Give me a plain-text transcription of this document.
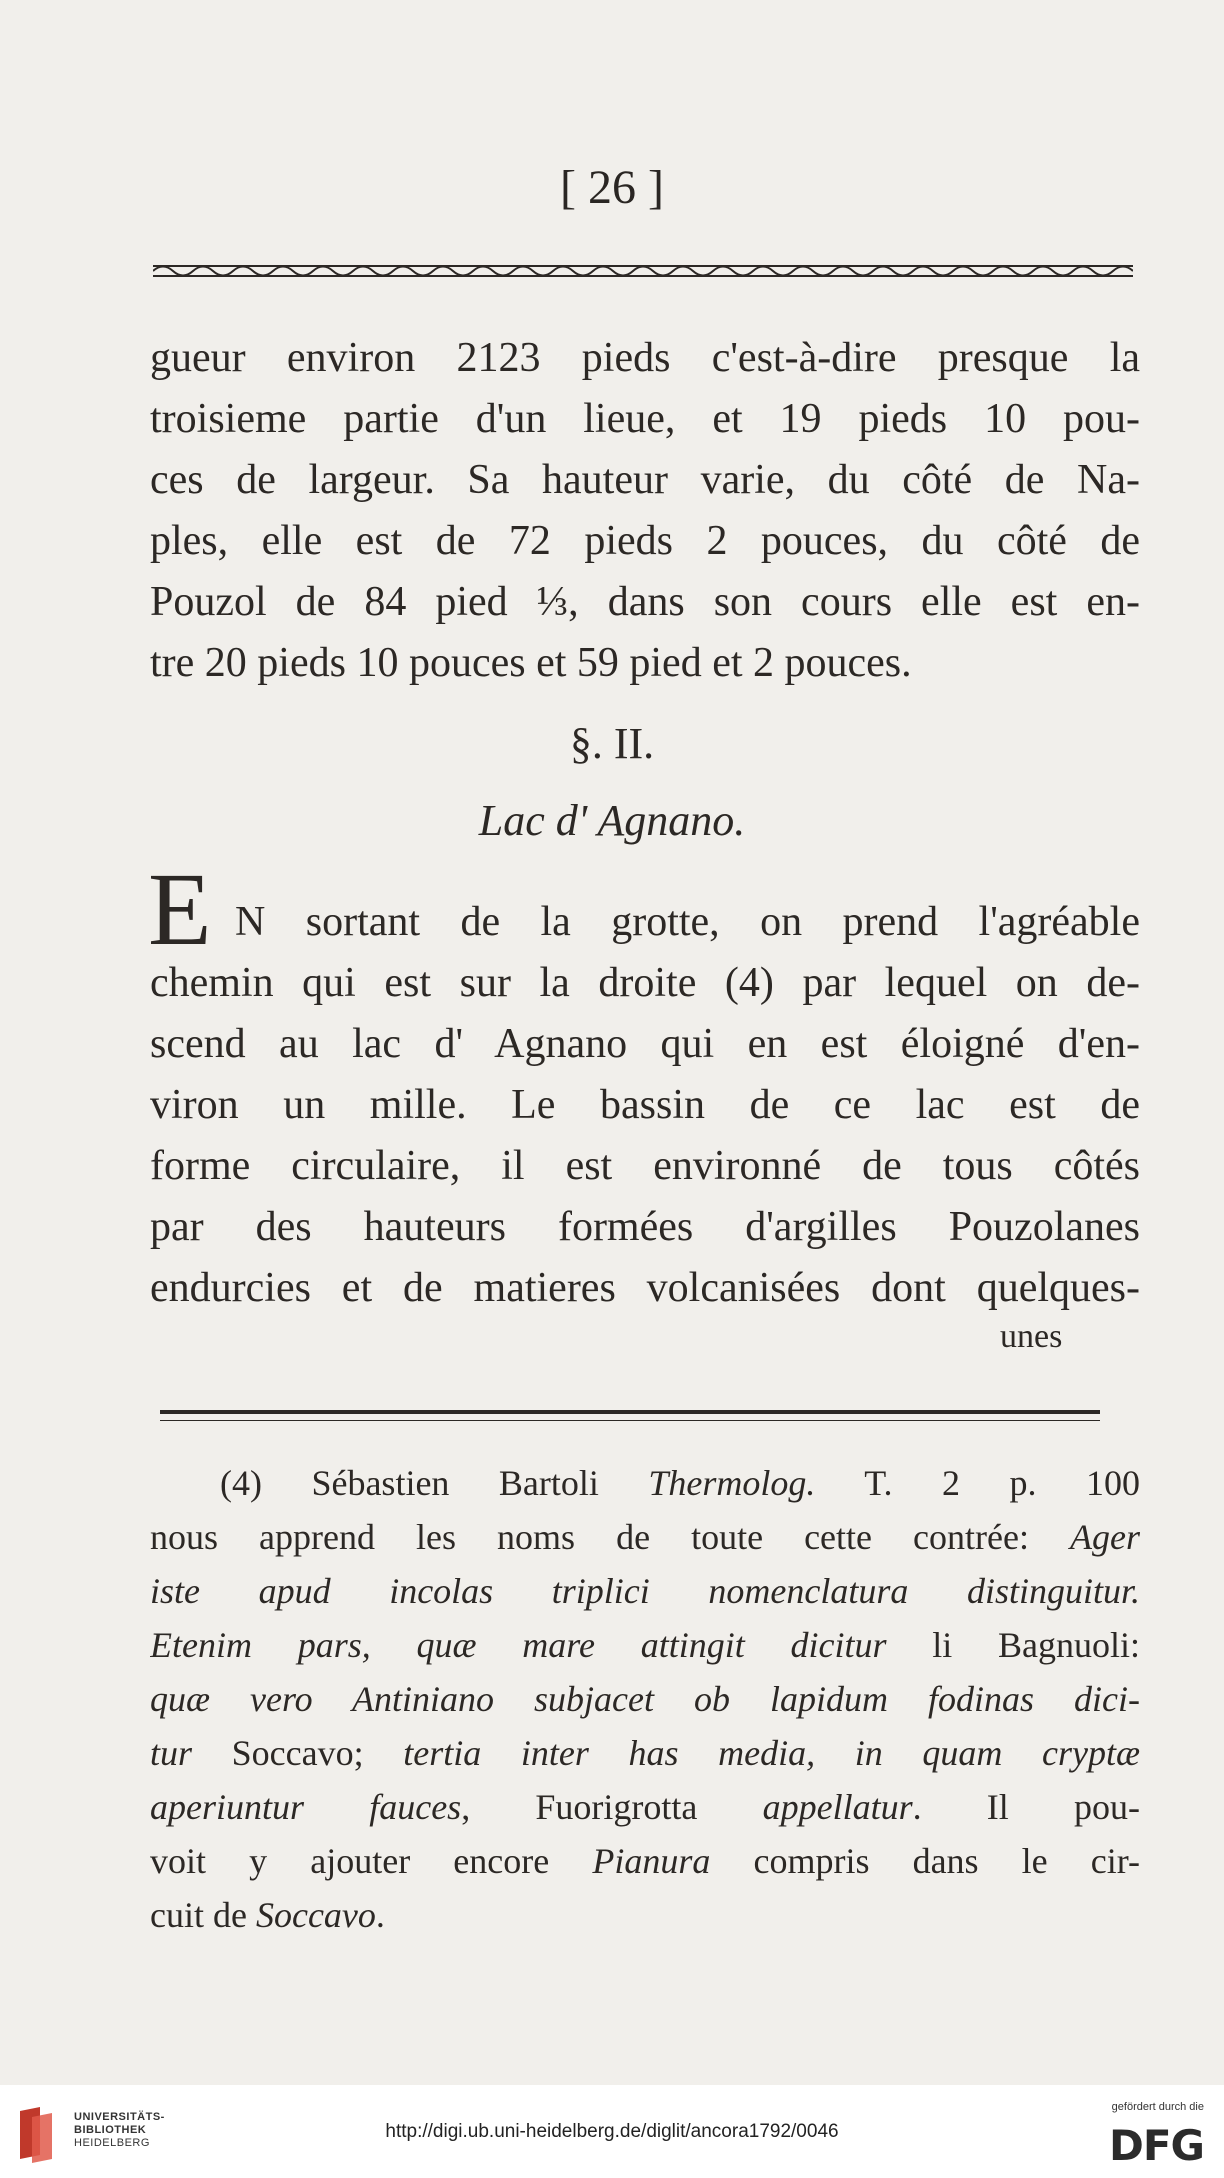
[ 26 ]
gueur environ 2123 pieds c'est-à-dire presque la
troisieme partie d'un lieue, et 19 pieds 10 pou-
ces de largeur. Sa hauteur varie, du côté de Na-
ples, elle est de 72 pieds 2 pouces, du côté de
Pouzol de 84 pied ⅓, dans son cours elle est en-
tre 20 pieds 10 pouces et 59 pied et 2 pouces.
§. II.
Lac d' Agnano.
E N sortant de la grotte, on prend l'agréable
chemin qui est sur la droite (4) par lequel on de-
scend au lac d' Agnano qui en est éloigné d'en-
viron un mille. Le bassin de ce lac est de
forme circulaire, il est environné de tous côtés
par des hauteurs formées d'argilles Pouzolanes
endurcies et de matieres volcanisées dont quelques-
unes
(4) Sébastien Bartoli Thermolog. T. 2 p. 100
nous apprend les noms de toute cette contrée: Ager
iste apud incolas triplici nomenclatura distinguitur.
Etenim pars, quæ mare attingit dicitur li Bagnuoli:
quæ vero Antiniano subjacet ob lapidum fodinas dici-
tur Soccavo; tertia inter has media, in quam cryptæ
aperiuntur fauces, Fuorigrotta appellatur. Il pou-
voit y ajouter encore Pianura compris dans le cir-
cuit de Soccavo.
UNIVERSITÄTS-
BIBLIOTHEK
HEIDELBERG
http://digi.ub.uni-heidelberg.de/diglit/ancora1792/0046
gefördert durch die
DFG
